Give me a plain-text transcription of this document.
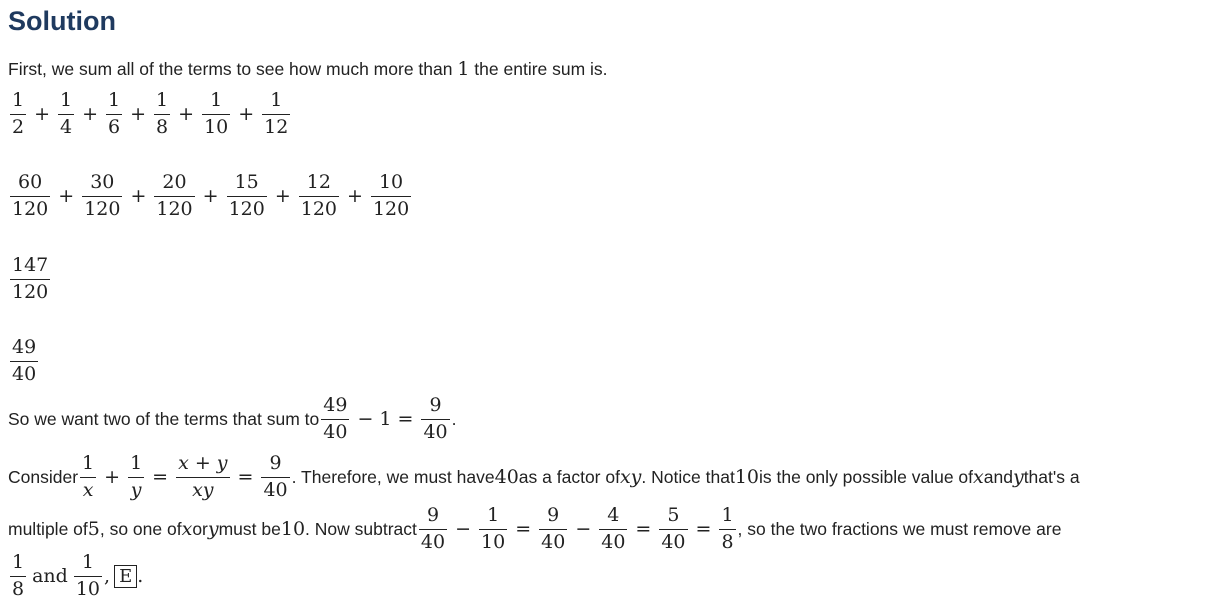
Solution
First, we sum all of the terms to see how much more than 1 the entire sum is.
$\frac{1}{2} + \frac{1}{4} + \frac{1}{6} + \frac{1}{8} + \frac{1}{10} + \frac{1}{12}$
$\frac{60}{120} + \frac{30}{120} + \frac{20}{120} + \frac{15}{120} + \frac{12}{120} + \frac{10}{120}$
$\frac{147}{120}$
$\frac{49}{40}$
So we want two of the terms that sum to $\frac{49}{40} - 1 = \frac{9}{40}$ .
Consider $\frac{1}{x} + \frac{1}{y} = \frac{x + y}{xy} = \frac{9}{40}$ . Therefore, we must have 40 as a factor of xy . Notice that 10 is the only possible value of x and y that's a
multiple of 5 , so one of x or y must be 10 . Now subtract $\frac{9}{40} - \frac{1}{10} = \frac{9}{40} - \frac{4}{40} = \frac{5}{40} = \frac{1}{8}$ , so the two fractions we must remove are
$\frac{1}{8}$ and $\frac{1}{10}$ , E .
